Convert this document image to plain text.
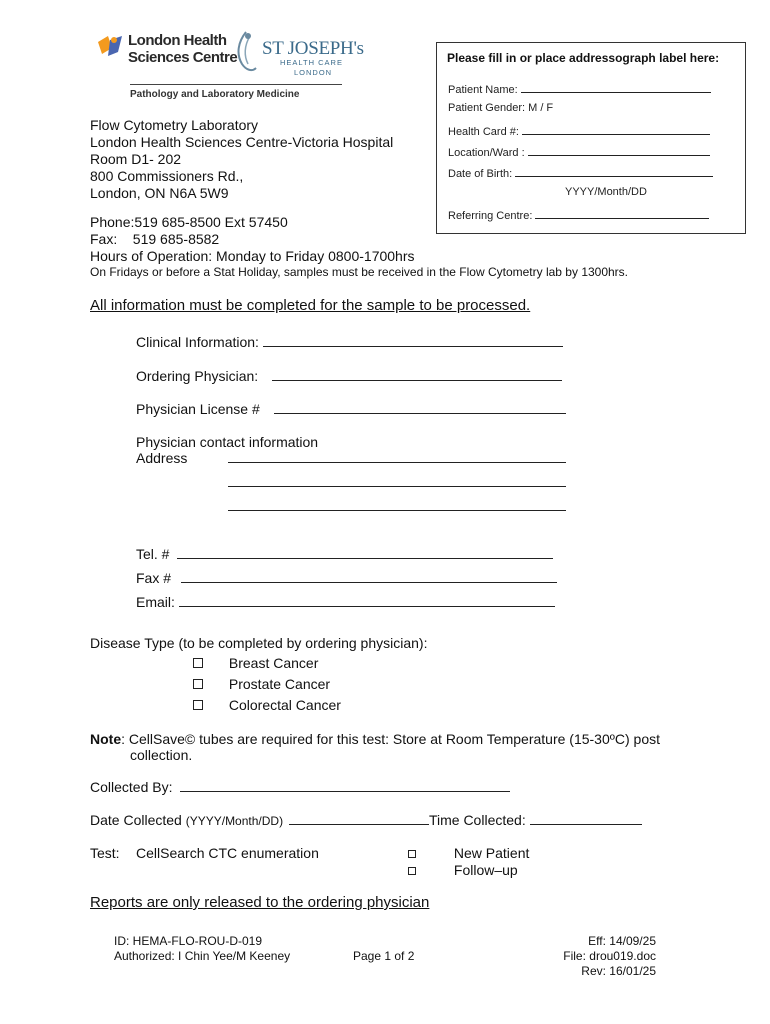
London Health
Sciences Centre
Pathology and Laboratory Medicine
ST JOSEPH's
HEALTH CARE
LONDON
Please fill in or place addressograph label here:
Patient Name:
Patient Gender: M / F
Health Card #:
Location/Ward :
Date of Birth:
YYYY/Month/DD
Referring Centre:
Flow Cytometry Laboratory
London Health Sciences Centre-Victoria Hospital
Room D1- 202
800 Commissioners Rd.,
London, ON N6A 5W9
Phone:519 685-8500 Ext 57450
Fax: 519 685-8582
Hours of Operation: Monday to Friday 0800-1700hrs
On Fridays or before a Stat Holiday, samples must be received in the Flow Cytometry lab by 1300hrs.
All information must be completed for the sample to be processed.
Clinical Information:
Ordering Physician:
Physician License #
Physician contact information
Address
Tel. #
Fax #
Email:
Disease Type (to be completed by ordering physician):
Breast Cancer
Prostate Cancer
Colorectal Cancer
Note: CellSave© tubes are required for this test: Store at Room Temperature (15-30ºC) post
collection.
Collected By:
Date Collected (YYYY/Month/DD)	Time Collected:
Test: CellSearch CTC enumeration	New Patient
Follow–up
Reports are only released to the ordering physician
ID: HEMA-FLO-ROU-D-019
Authorized: I Chin Yee/M Keeney	Page 1 of 2
Eff: 14/09/25
File: drou019.doc
Rev: 16/01/25
